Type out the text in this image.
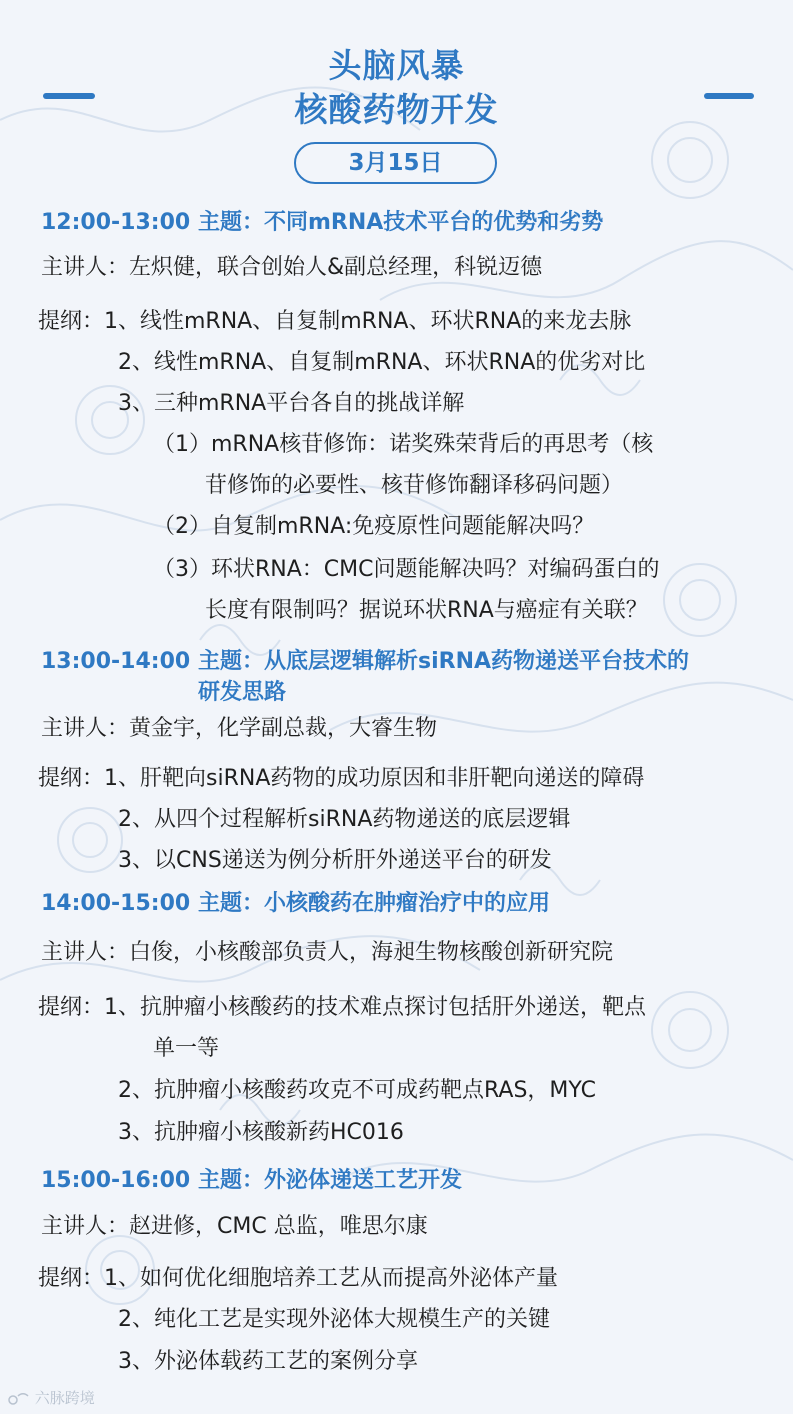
头脑风暴
核酸药物开发
3月15日
12:00-13:00 主题：不同mRNA技术平台的优势和劣势
主讲人：左炽健，联合创始人&副总经理，科锐迈德
提纲：1、线性mRNA、自复制mRNA、环状RNA的来龙去脉
2、线性mRNA、自复制mRNA、环状RNA的优劣对比
3、三种mRNA平台各自的挑战详解
（1）mRNA核苷修饰：诺奖殊荣背后的再思考（核
苷修饰的必要性、核苷修饰翻译移码问题）
（2）自复制mRNA:免疫原性问题能解决吗？
（3）环状RNA：CMC问题能解决吗？对编码蛋白的
长度有限制吗？据说环状RNA与癌症有关联？
13:00-14:00 主题：从底层逻辑解析siRNA药物递送平台技术的
研发思路
主讲人：黄金宇，化学副总裁，大睿生物
提纲：1、肝靶向siRNA药物的成功原因和非肝靶向递送的障碍
2、从四个过程解析siRNA药物递送的底层逻辑
3、以CNS递送为例分析肝外递送平台的研发
14:00-15:00 主题：小核酸药在肿瘤治疗中的应用
主讲人：白俊，小核酸部负责人，海昶生物核酸创新研究院
提纲：1、抗肿瘤小核酸药的技术难点探讨包括肝外递送，靶点
单一等
2、抗肿瘤小核酸药攻克不可成药靶点RAS，MYC
3、抗肿瘤小核酸新药HC016
15:00-16:00 主题：外泌体递送工艺开发
主讲人：赵进修，CMC 总监，唯思尔康
提纲：1、如何优化细胞培养工艺从而提高外泌体产量
2、纯化工艺是实现外泌体大规模生产的关键
3、外泌体载药工艺的案例分享
六脉跨境
